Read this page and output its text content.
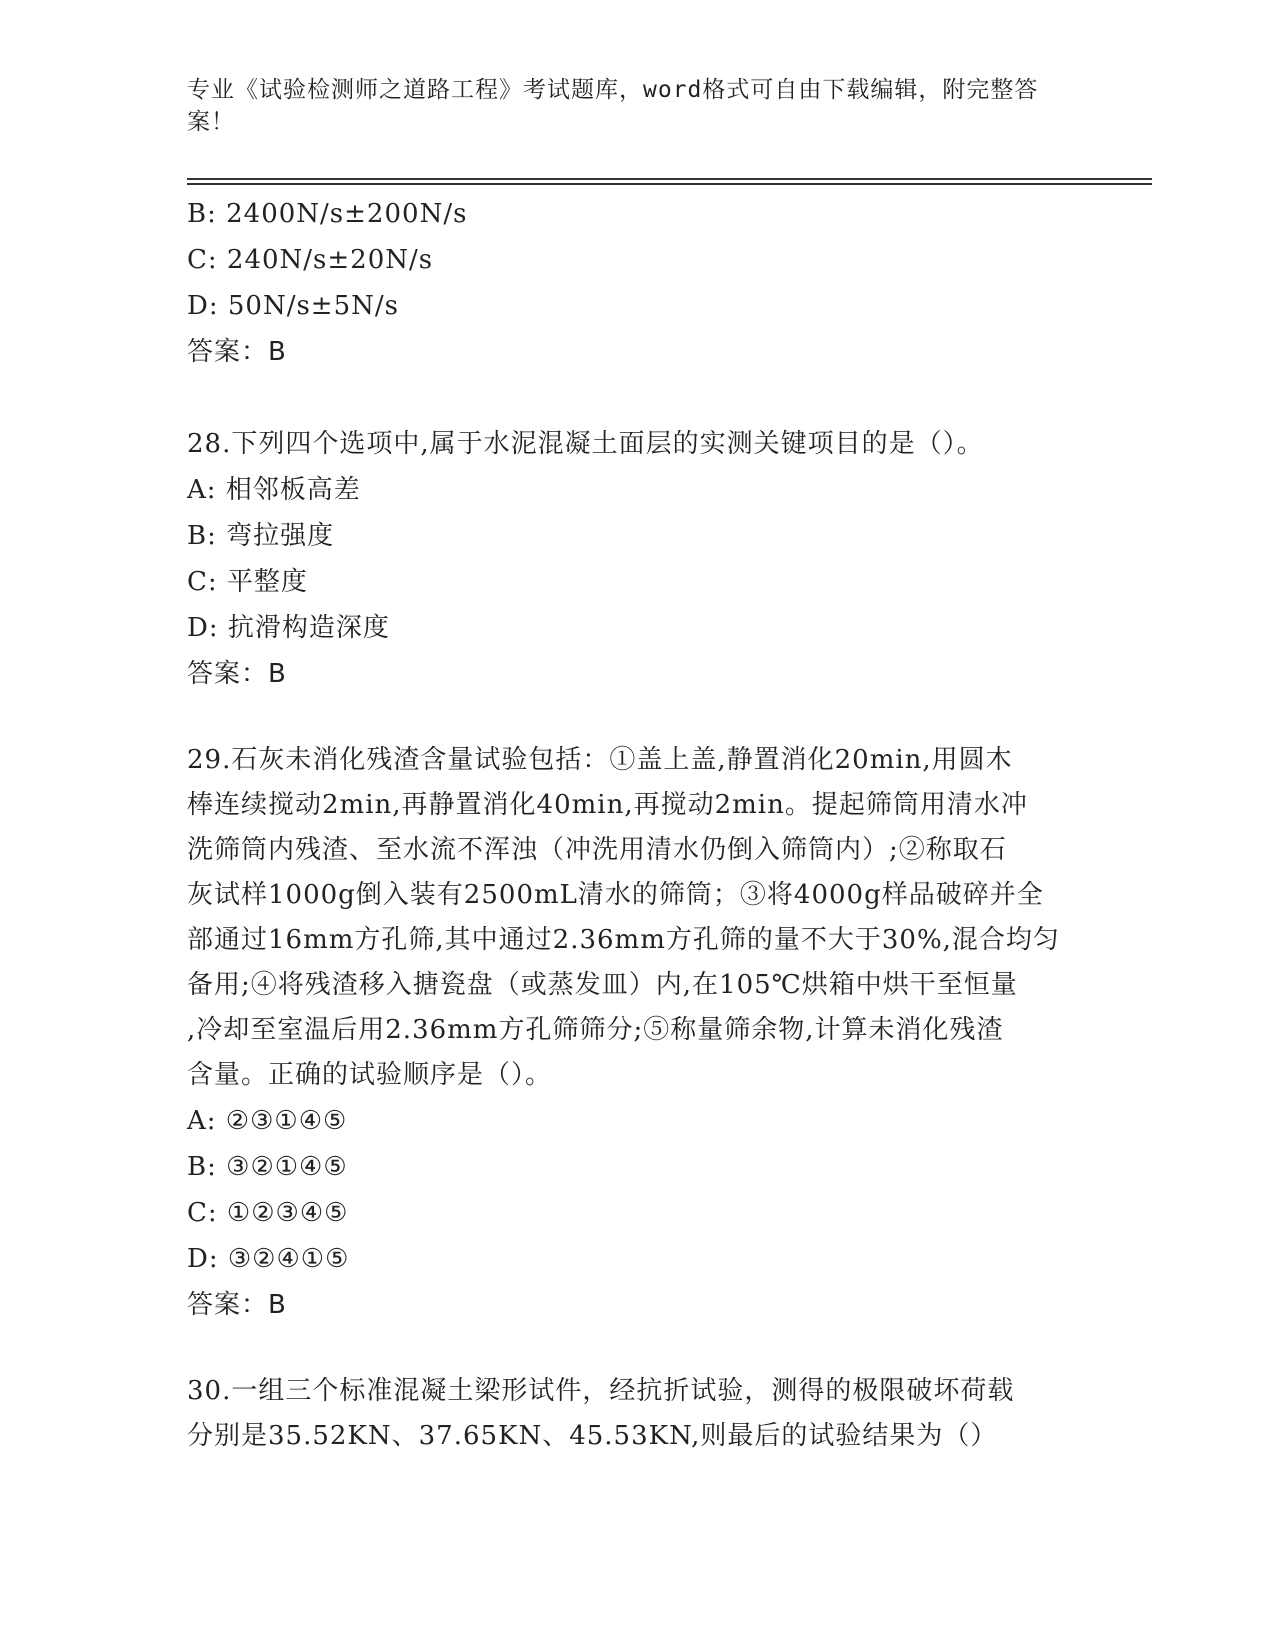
专业《试验检测师之道路工程》考试题库，word格式可自由下载编辑，附完整答
案！
B: 2400N/s±200N/s
C: 240N/s±20N/s
D: 50N/s±5N/s
答案：B
28.下列四个选项中,属于水泥混凝土面层的实测关键项目的是（）。
A: 相邻板高差
B: 弯拉强度
C: 平整度
D: 抗滑构造深度
答案：B
29.石灰未消化残渣含量试验包括：①盖上盖,静置消化20min,用圆木
棒连续搅动2min,再静置消化40min,再搅动2min。提起筛筒用清水冲
洗筛筒内残渣、至水流不浑浊（冲洗用清水仍倒入筛筒内）;②称取石
灰试样1000g倒入装有2500mL清水的筛筒；③将4000g样品破碎并全
部通过16mm方孔筛,其中通过2.36mm方孔筛的量不大于30%,混合均匀
备用;④将残渣移入搪瓷盘（或蒸发皿）内,在105℃烘箱中烘干至恒量
,冷却至室温后用2.36mm方孔筛筛分;⑤称量筛余物,计算未消化残渣
含量。正确的试验顺序是（）。
A: ②③①④⑤
B: ③②①④⑤
C: ①②③④⑤
D: ③②④①⑤
答案：B
30.一组三个标准混凝土梁形试件，经抗折试验，测得的极限破坏荷载
分别是35.52KN、37.65KN、45.53KN,则最后的试验结果为（）
